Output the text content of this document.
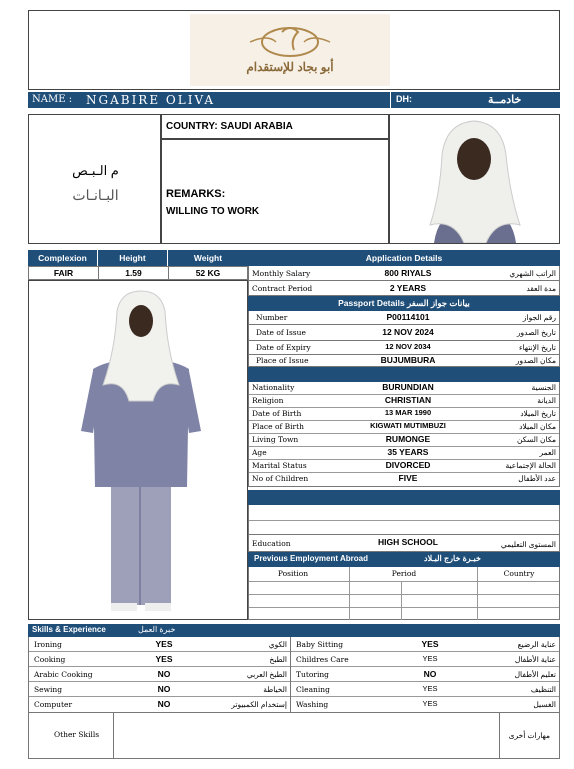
أبو بجاد للإستقدام
NAME : NGABIRE OLIVA	DH:	خادمــة
م الـبـص
البـانـات
COUNTRY: SAUDI ARABIA
REMARKS:
WILLING TO WORK
Complexion	Height	Weight
FAIR	1.59	52 KG
Application Details
Monthly Salary	800 RIYALS	الراتب الشهري
Contract Period	2 YEARS	مدة العقد
Passport Details بيانات جواز السفر
Number	P00114101	رقم الجواز
Date of Issue	12 NOV 2024	تاريخ الصدور
Date of Expiry	12 NOV 2034	تاريخ الإنتهاء
Place of Issue	BUJUMBURA	مكان الصدور
Nationality	BURUNDIAN	الجنسية
Religion	CHRISTIAN	الديانة
Date of Birth	13 MAR 1990	تاريخ الميلاد
Place of Birth	KIGWATI MUTIMBUZI	مكان الميلاد
Living Town	RUMONGE	مكان السكن
Age	35 YEARS	العمر
Marital Status	DIVORCED	الحالة الإجتماعية
No of Children	FIVE	عدد الأطفال
Education	HIGH SCHOOL	المستوى التعليمي
Previous Employment Abroad	خبـرة خارج البـلاد
Position	Period	Country
Skills & Experience	خبرة العمل
Ironing	YES	الكوي
Cooking	YES	الطبخ
Arabic Cooking	NO	الطبخ العربي
Sewing	NO	الخياطة
Computer	NO	إستخدام الكمبيوتر
Baby Sitting	YES	عناية الرضيع
Childres Care	YES	عناية الأطفال
Tutoring	NO	تعليم الأطفال
Cleaning	YES	التنظيف
Washing	YES	الغسيل
Other Skills	مهارات أخرى
